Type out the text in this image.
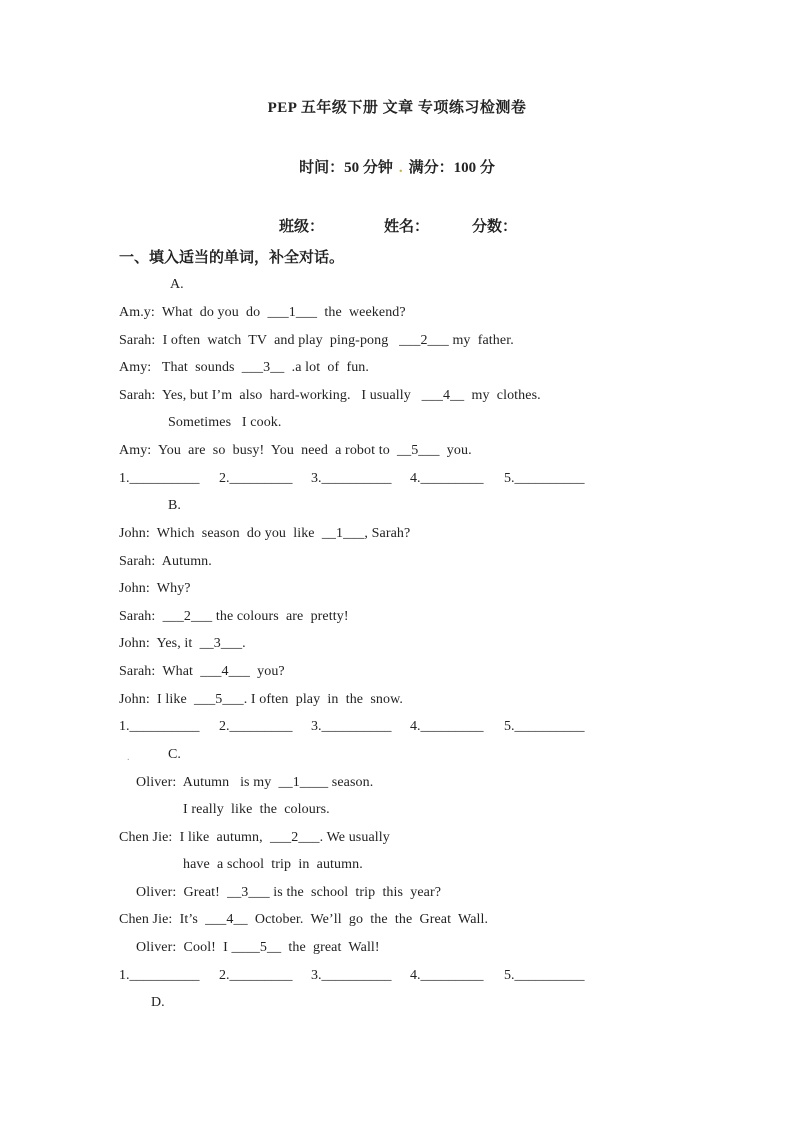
PEP 五年级下册 文章 专项练习检测卷
时间：50 分钟 . 满分：100 分
班级：	姓名：	分数：
一、填入适当的单词，补全对话。
A.
Am.y:  What  do you  do  ___1___  the  weekend?
Sarah:  I often  watch  TV  and play  ping-pong   ___2___ my  father.
Amy:   That  sounds  ___3__  .a lot  of  fun.
Sarah:  Yes, but I’m  also  hard-working.   I usually   ___4__  my  clothes.
Sometimes   I cook.
Amy:  You  are  so  busy!  You  need  a robot to  __5___  you.
1.__________ 2._________ 3.__________ 4._________ 5.__________
B.
John:  Which  season  do you  like  __1___, Sarah?
Sarah:  Autumn.
John:  Why?
Sarah:  ___2___ the colours  are  pretty!
John:  Yes, it  __3___.
Sarah:  What  ___4___  you?
John:  I like  ___5___. I often  play  in  the  snow.
1.__________ 2._________ 3.__________ 4._________ 5.__________
.	C.
Oliver:  Autumn   is my  __1____ season.
I really  like  the  colours.
Chen Jie:  I like  autumn,  ___2___. We usually
have  a school  trip  in  autumn.
Oliver:  Great!  __3___ is the  school  trip  this  year?
Chen Jie:  It’s  ___4__  October.  We’ll  go  the  the  Great  Wall.
Oliver:  Cool!  I ____5__  the  great  Wall!
1.__________ 2._________ 3.__________ 4._________ 5.__________
D.
